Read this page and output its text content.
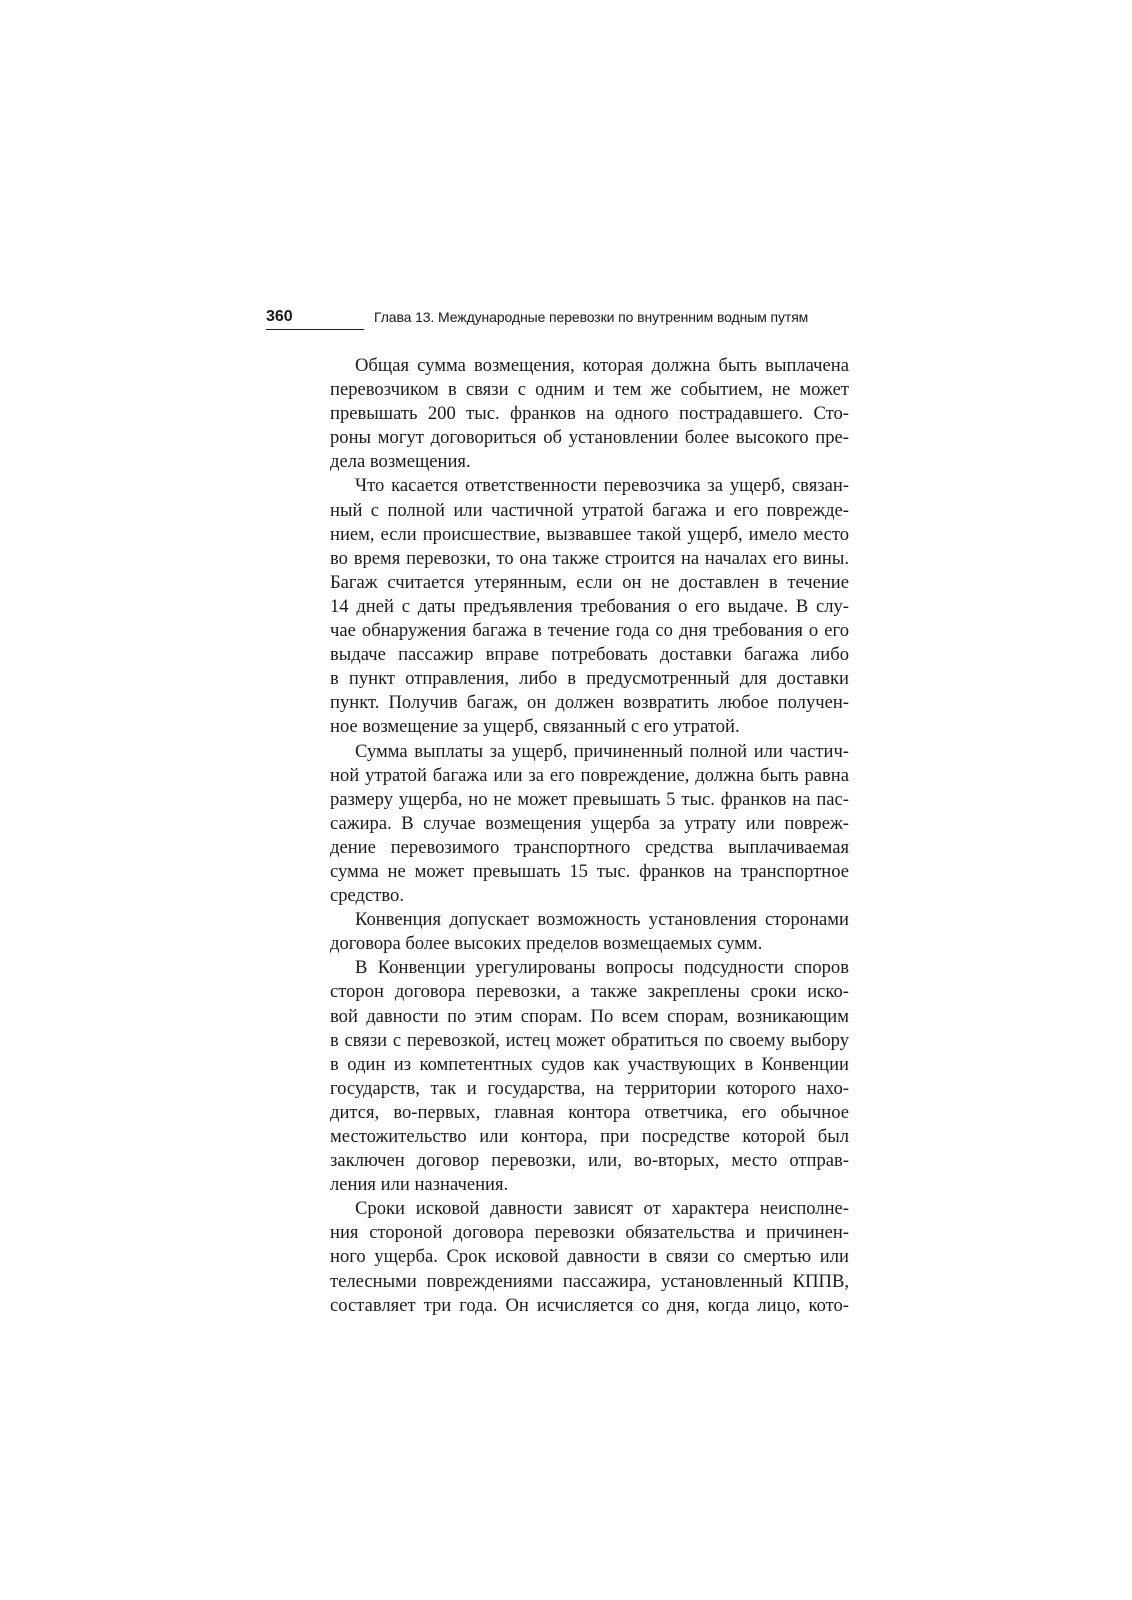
360	Глава 13. Международные перевозки по внутренним водным путям
Общая сумма возмещения, которая должна быть выплачена
перевозчиком в связи с одним и тем же событием, не может
превышать 200 тыс. франков на одного пострадавшего. Сто-
роны могут договориться об установлении более высокого пре-
дела возмещения.
Что касается ответственности перевозчика за ущерб, связан-
ный с полной или частичной утратой багажа и его поврежде-
нием, если происшествие, вызвавшее такой ущерб, имело место
во время перевозки, то она также строится на началах его вины.
Багаж считается утерянным, если он не доставлен в течение
14 дней с даты предъявления требования о его выдаче. В слу-
чае обнаружения багажа в течение года со дня требования о его
выдаче пассажир вправе потребовать доставки багажа либо
в пункт отправления, либо в предусмотренный для доставки
пункт. Получив багаж, он должен возвратить любое получен-
ное возмещение за ущерб, связанный с его утратой.
Сумма выплаты за ущерб, причиненный полной или частич-
ной утратой багажа или за его повреждение, должна быть равна
размеру ущерба, но не может превышать 5 тыс. франков на пас-
сажира. В случае возмещения ущерба за утрату или повреж-
дение перевозимого транспортного средства выплачиваемая
сумма не может превышать 15 тыс. франков на транспортное
средство.
Конвенция допускает возможность установления сторонами
договора более высоких пределов возмещаемых сумм.
В Конвенции урегулированы вопросы подсудности споров
сторон договора перевозки, а также закреплены сроки иско-
вой давности по этим спорам. По всем спорам, возникающим
в связи с перевозкой, истец может обратиться по своему выбору
в один из компетентных судов как участвующих в Конвенции
государств, так и государства, на территории которого нахо-
дится, во-первых, главная контора ответчика, его обычное
местожительство или контора, при посредстве которой был
заключен договор перевозки, или, во-вторых, место отправ-
ления или назначения.
Сроки исковой давности зависят от характера неисполне-
ния стороной договора перевозки обязательства и причинен-
ного ущерба. Срок исковой давности в связи со смертью или
телесными повреждениями пассажира, установленный КППВ,
составляет три года. Он исчисляется со дня, когда лицо, кото-
